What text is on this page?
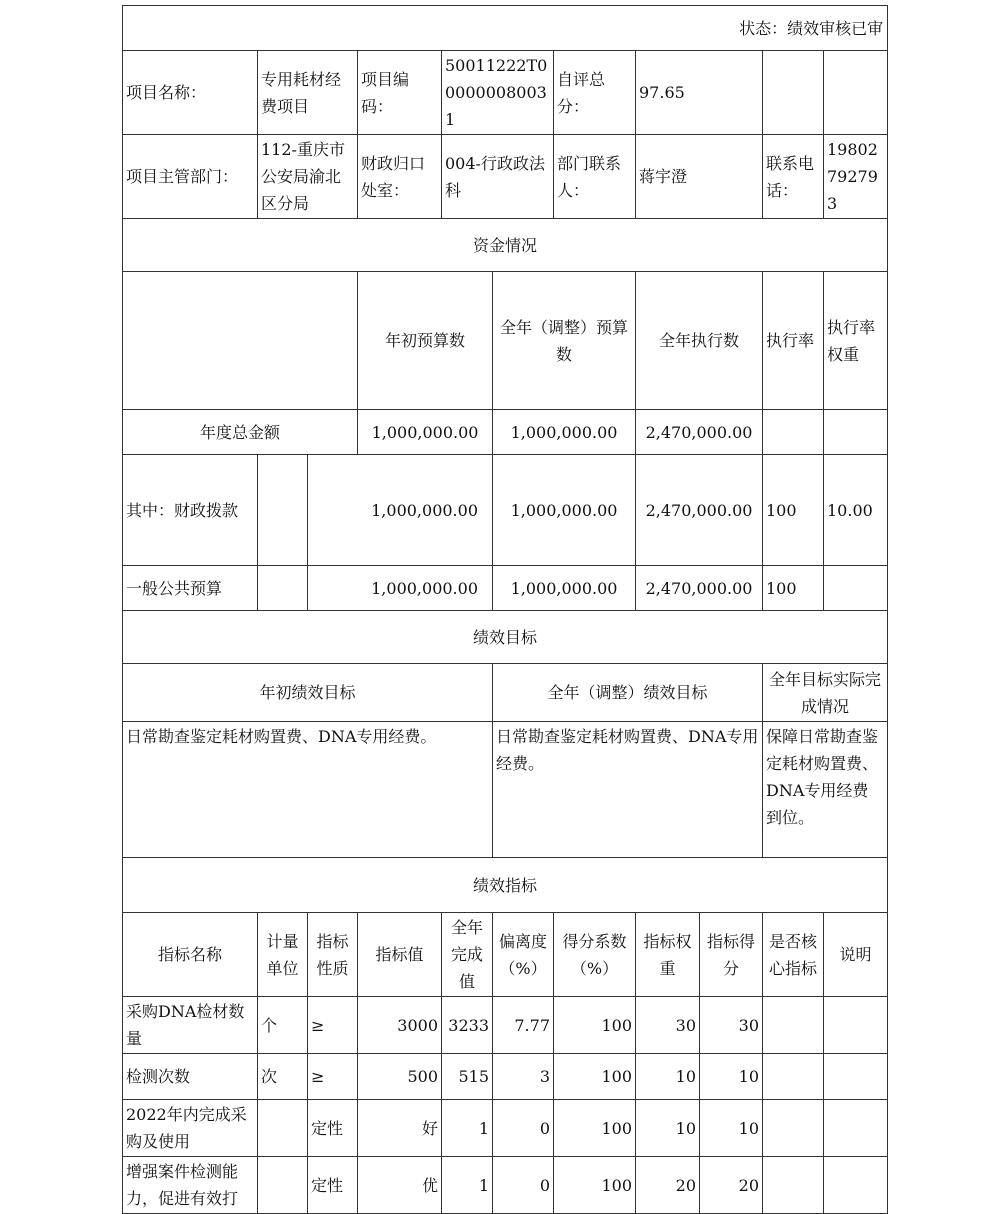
状态：绩效审核已审											
项目名称：	专用耗材经费项目		项目编码：	50011222T000000080031		自评总分：	97.65				
项目主管部门：	112-重庆市公安局渝北区分局		财政归口处室：	004-行政政法科		部门联系人：	蒋宇澄		联系电话：	19802792793	
资金情况											
			年初预算数		全年（调整）预算数		全年执行数		执行率	执行率权重	
年度总金额			1,000,000.00		1,000,000.00		2,470,000.00				
其中：财政拨款		1,000,000.00			1,000,000.00		2,470,000.00		100	10.00	
一般公共预算		1,000,000.00			1,000,000.00		2,470,000.00		100		
绩效目标											
年初绩效目标					全年（调整）绩效目标				全年目标实际完成情况		
日常勘查鉴定耗材购置费、DNA专用经费。					日常勘查鉴定耗材购置费、DNA专用经费。				保障日常勘查鉴定耗材购置费、DNA专用经费到位。		
绩效指标											
指标名称	计量单位	指标性质	指标值	全年完成值	偏离度（%）	得分系数（%）	指标权重	指标得分	是否核心指标	说明	
采购DNA检材数量	个	≥	3000	3233	7.77	100	30	30			
检测次数	次	≥	500	515	3	100	10	10			
2022年内完成采购及使用		定性	好	1	0	100	10	10			
增强案件检测能力，促进有效打		定性	优	1	0	100	20	20			
